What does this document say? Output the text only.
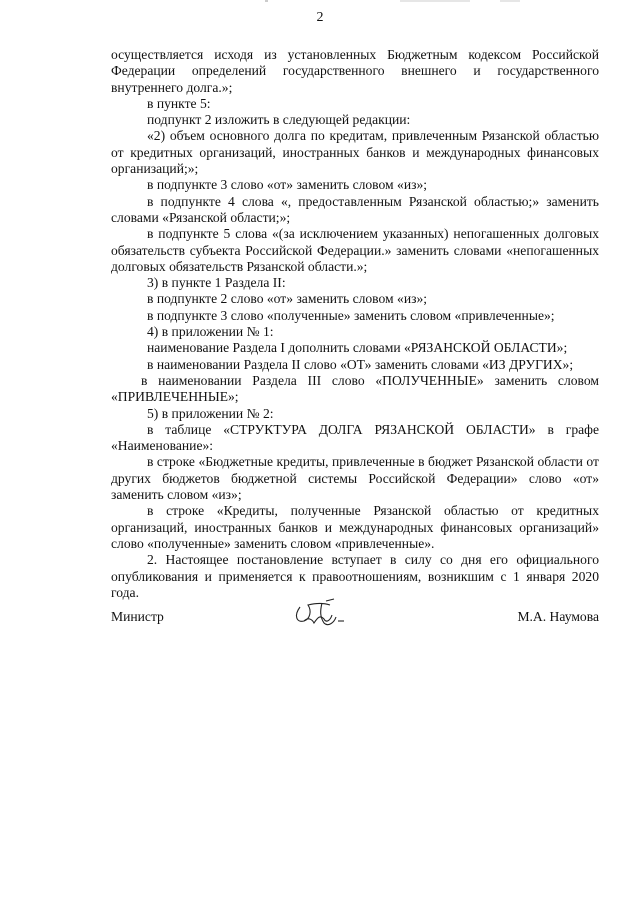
2

осуществляется исходя из установленных Бюджетным кодексом Российской Федерации определений государственного внешнего и государственного внутреннего долга.»;

в пункте 5:

подпункт 2 изложить в следующей редакции:

«2) объем основного долга по кредитам, привлеченным Рязанской областью от кредитных организаций, иностранных банков и международных финансовых организаций;»;

в подпункте 3 слово «от» заменить словом «из»;

в подпункте 4 слова «, предоставленным Рязанской областью;» заменить словами «Рязанской области;»;

в подпункте 5 слова «(за исключением указанных) непогашенных долговых обязательств субъекта Российской Федерации.» заменить словами «непогашенных долговых обязательств Рязанской области.»;

3) в пункте 1 Раздела II:

в подпункте 2 слово «от» заменить словом «из»;

в подпункте 3 слово «полученные» заменить словом «привлеченные»;

4) в приложении № 1:

наименование Раздела I дополнить словами «РЯЗАНСКОЙ ОБЛАСТИ»;

в наименовании Раздела II слово «ОТ» заменить словами «ИЗ ДРУГИХ»;

в наименовании Раздела III слово «ПОЛУЧЕННЫЕ» заменить словом «ПРИВЛЕЧЕННЫЕ»;

5) в приложении № 2:

в таблице «СТРУКТУРА ДОЛГА РЯЗАНСКОЙ ОБЛАСТИ» в графе «Наименование»:

в строке «Бюджетные кредиты, привлеченные в бюджет Рязанской области от других бюджетов бюджетной системы Российской Федерации» слово «от» заменить словом «из»;

в строке «Кредиты, полученные Рязанской областью от кредитных организаций, иностранных банков и международных финансовых организаций» слово «полученные» заменить словом «привлеченные».

2. Настоящее постановление вступает в силу со дня его официального опубликования и применяется к правоотношениям, возникшим с 1 января 2020 года.

Министр	М.А. Наумова
